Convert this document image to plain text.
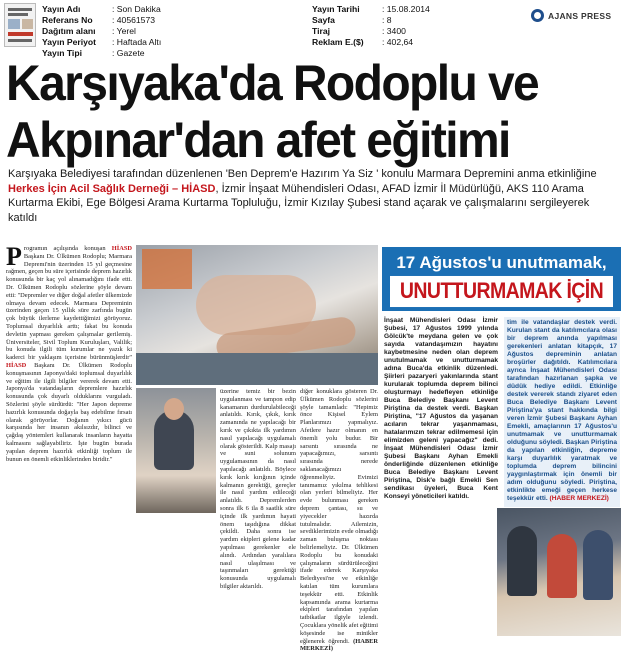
Yayın Adı	: Son Dakika
Referans No	: 40561573
Dağıtım alanı	: Yerel
Yayın Periyot	: Haftada Altı
Yayın Tipi	: Gazete
Yayın Tarihi	: 15.08.2014
Sayfa	: 8
Tiraj	: 3400
Reklam E.($)	: 402,64
AJANS PRESS
Karşıyaka'da Rodoplu ve
Akpınar'dan afet eğitimi
Karşıyaka Belediyesi tarafından düzenlenen 'Ben Deprem'e Hazırım Ya Siz ' konulu Marmara Depremini anma etkinliğine Herkes İçin Acil Sağlık Derneği – HİASD, İzmir İnşaat Mühendisleri Odası, AFAD İzmir İl Müdürlüğü, AKS 110 Arama Kurtarma Ekibi, Ege Bölgesi Arama Kurtarma Topluluğu, İzmir Kızılay Şubesi stand açarak ve çalışmalarını sergileyerek katıldı
P rogramın açılışında konuşan HİASD Başkanı Dr. Ülkümen Rodoplu; Marmara Depremi'nin üzerinden 15 yıl geçmesine rağmen, geçen bu süre içerisinde deprem hazırlık konusunda bir kaç yol alınamadığını ifade etti. Dr. Ülkümen Rodoplu sözlerine şöyle devam etti: "Depremler ve diğer doğal afetler ülkemizde olmaya devam edecek. Marmara Depreminin üzerinden geçen 15 yıllık süre zarfında bugün çok büyük ilerleme kaydettiğimizi görüyoruz. Toplumsal duyarlılık arttı; fakat bu konuda devletin yapması gereken çalışmalar gerilemiş. Üniversiteler, Sivil Toplum Kuruluşları, Valilik; bu konuda ilgili tüm kurumlar ne yazık ki kaderci bir yaklaşım içerisine bürünmüşlerdir" HİASD Başkanı Dr. Ülkümen Rodoplu konuşmasının Japonya'daki toplumsal duyarlılık ve eğitim ile ilgili bilgiler vererek devam etti. Japonya'da vatandaşların depremlere hazırlık konusunda çok duyarlı olduklarını vurguladı. Sözlerini şöyle sürdürdü: "Her Japon depreme hazırlık konusunda doğayla baş edebilme fırsatı olarak görüyorlar. Doğanın yıkıcı gücü karşısında her insanın akılsızdır, bilinci ve çağdaş yöntemleri kullanarak insanların hayatta kalmasını sağlayabiliriz. İşte bugün burada yapılan deprem hazırlık etkinliği toplum ile bunun en önemli etkinliklerinden biridir."
üzerine temiz bir bezin uygulanması ve tampon edip kanamanın durdurulabileceği anlatıldı. Kırık, çıkık, kırık zamanında ne yapılacağı bir kırık ve çıkıkta ilk yardımın nasıl yapılacağı uygulamalı olarak gösterildi. Kalp masajı ve suni solunum uygulamasının da nasıl yapılacağı anlatıldı. Böylece kırık kırık kırığının içinde kalmanın gerektiği, gereçler ile nasıl yardım edileceği anlatıldı. Depremlerden sonra ilk 6 ila 8 saatlik süre içinde ilk yardımın hayati önem taşıdığına dikkat çekildi. Daha sonra ise yardım ekipleri gelene kadar yapılması gerekenler ele alındı. Ardından yaralılara nasıl ulaşılması ve taşınmaları gerektiği konusunda uygulamalı bilgiler aktarıldı.
diğer konuklara gösteren Dr. Ülkümen Rodoplu sözlerini şöyle tamamladı: "Hepimiz önce Kişisel Eylem Planlarımızı yapmalıyız. Afetlere hazır olmanın en önemli yolu budur. Bir sarsıntı sırasında ne yapacağımızı, sarsıntı sırasında nerede saklanacağımızı öğrenmeliyiz. Evimizi tanımamız yıkılma tehlikesi olan yerleri bilmeliyiz. Her evde bulunması gereken deprem çantası, su ve yiyecekler hazırda tutulmalıdır. Ailemizin, sevdiklerimizin evde olmadığı zaman buluşma noktası belirlemeliyiz. Dr. Ülkümen Rodoplu bu konudaki çalışmaların sürdürüleceğini ifade ederek Karşıyaka Belediyesi'ne ve etkinliğe katılan tüm kurumlara teşekkür etti. Etkinlik kapsamında arama kurtarma ekipleri tarafından yapılan tatbikatlar ilgiyle izlendi. Çocuklara yönelik afet eğitimi köşesinde ise minikler eğlenerek öğrendi. (HABER MERKEZİ)
17 Ağustos'u unutmamak,
UNUTTURMAMAK İÇİN
İnşaat Mühendisleri Odası İzmir Şubesi, 17 Ağustos 1999 yılında Gölcük'te meydana gelen ve çok sayıda vatandaşımızın hayatını kaybetmesine neden olan deprem unutulmamak ve unutturmamak adına Buca'da etkinlik düzenledi. Şiirleri pazaryeri yakınlarında stant kurularak toplumda deprem bilinci oluşturmayı hedefleyen etkinliğe Buca Belediye Başkanı Levent Piriştina da destek verdi. Başkan Piriştina, "17 Ağustos da yaşanan acıların tekrar yaşanmaması, hatalarımızın tekrar edilmemesi için elimizden geleni yapacağız" dedi. İnşaat Mühendisleri Odası İzmir Şubesi Başkanı Ayhan Emekli önderliğinde düzenlenen etkinliğe Buca Belediye Başkanı Levent Piriştina, Disk'e bağlı Emekli Sen sendikası üyeleri, Buca Kent Konseyi yöneticileri katıldı.
tim ile vatandaşlar destek verdi. Kurulan stant da katılımcılara olası bir deprem anında yapılması gerekenleri anlatan kitapçık, 17 Ağustos depreminin anlatan broşürler dağıtıldı. Katılımcılara ayrıca İnşaat Mühendisleri Odası tarafından hazırlanan şapka ve düdük hediye edildi. Etkinliğe destek vererek standı ziyaret eden Buca Belediye Başkanı Levent Piriştina'ya stant hakkında bilgi veren İzmir Şubesi Başkanı Ayhan Emekli, amaçlarının 17 Ağustos'u unutmamak ve unutturmamak olduğunu söyledi. Başkan Piriştina da yapılan etkinliğin, depreme karşı duyarlılık yaratmak ve toplumda deprem bilincini yaygınlaştırmak için önemli bir adım olduğunu söyledi. Piriştina, etkinlikte emeği geçen herkese teşekkür etti. (HABER MERKEZİ)
